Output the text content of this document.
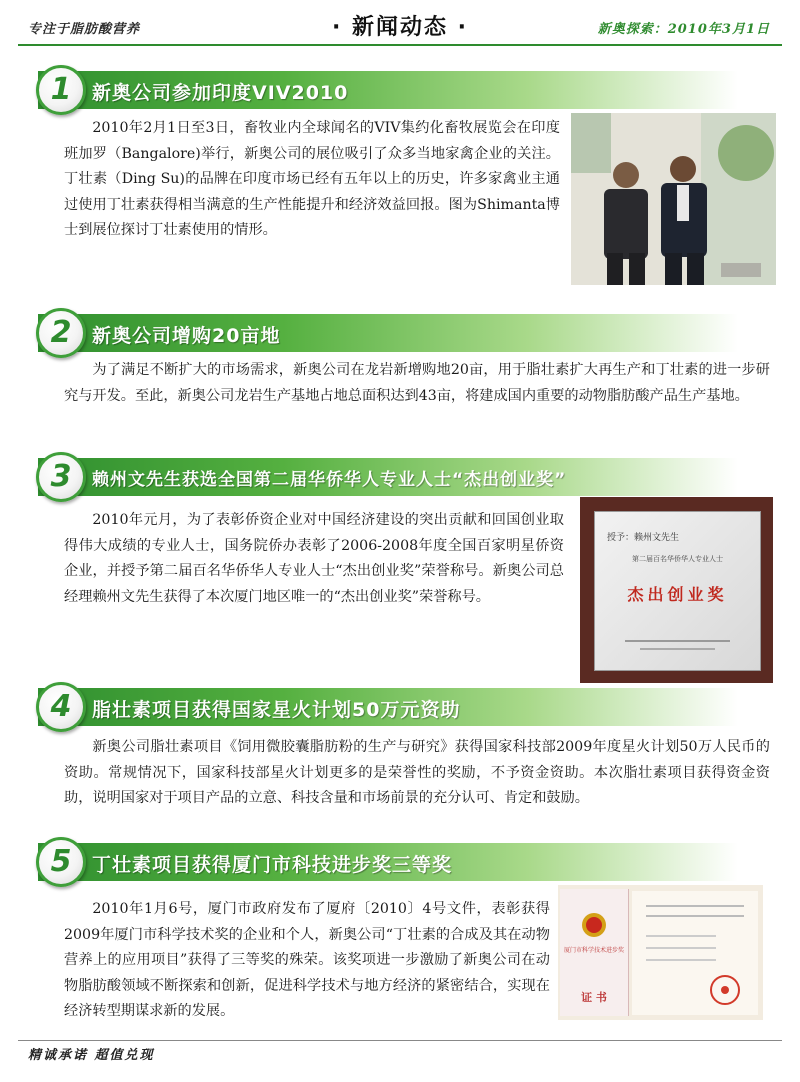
专注于脂肪酸营养	· 新闻动态 ·	新奥探索：2010年3月1日
1	新奥公司参加印度VIV2010
2010年2月1日至3日，畜牧业内全球闻名的VIV集约化畜牧展览会在印度班加罗（Bangalore)举行，新奥公司的展位吸引了众多当地家禽企业的关注。丁壮素（Ding Su)的品牌在印度市场已经有五年以上的历史，许多家禽业主通过使用丁壮素获得相当满意的生产性能提升和经济效益回报。图为Shimanta博士到展位探讨丁壮素使用的情形。
2	新奥公司增购20亩地
为了满足不断扩大的市场需求，新奥公司在龙岩新增购地20亩，用于脂壮素扩大再生产和丁壮素的进一步研究与开发。至此，新奥公司龙岩生产基地占地总面积达到43亩，将建成国内重要的动物脂肪酸产品生产基地。
3	赖州文先生获选全国第二届华侨华人专业人士“杰出创业奖”
2010年元月，为了表彰侨资企业对中国经济建设的突出贡献和回国创业取得伟大成绩的专业人士，国务院侨办表彰了2006-2008年度全国百家明星侨资企业，并授予第二届百名华侨华人专业人士“杰出创业奖”荣誉称号。新奥公司总经理赖州文先生获得了本次厦门地区唯一的“杰出创业奖”荣誉称号。
授予：赖州文先生
第二届百名华侨华人专业人士
杰出创业奖
4	脂壮素项目获得国家星火计划50万元资助
新奥公司脂壮素项目《饲用微胶囊脂肪粉的生产与研究》获得国家科技部2009年度星火计划50万人民币的资助。常规情况下，国家科技部星火计划更多的是荣誉性的奖励，不予资金资助。本次脂壮素项目获得资金资助，说明国家对于项目产品的立意、科技含量和市场前景的充分认可、肯定和鼓励。
5	丁壮素项目获得厦门市科技进步奖三等奖
2010年1月6号，厦门市政府发布了厦府〔2010〕4号文件，表彰获得2009年厦门市科学技术奖的企业和个人，新奥公司“丁壮素的合成及其在动物营养上的应用项目”获得了三等奖的殊荣。该奖项进一步激励了新奥公司在动物脂肪酸领域不断探索和创新，促进科学技术与地方经济的紧密结合，实现在经济转型期谋求新的发展。
厦门市科学技术进步奖
证 书
精诚承诺 超值兑现
